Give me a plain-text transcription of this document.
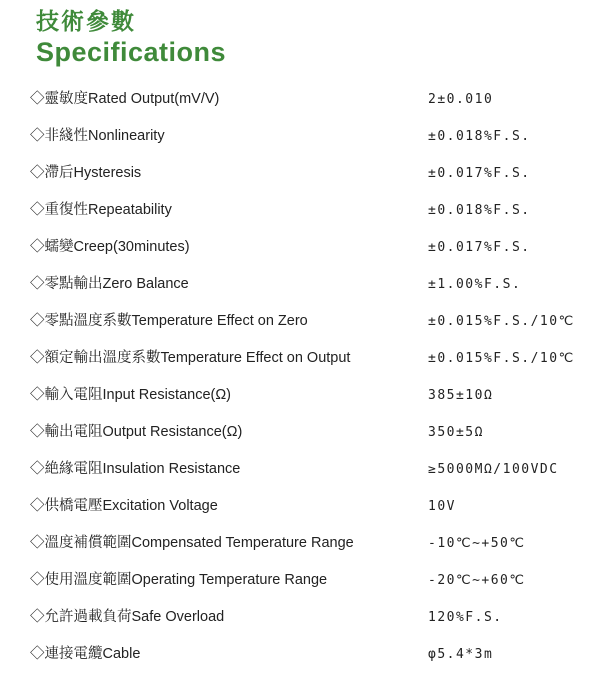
技術參數
Specifications
◇靈敏度Rated Output(mV/V)	2±0.010
◇非綫性Nonlinearity	±0.018%F.S.
◇滯后Hysteresis	±0.017%F.S.
◇重復性Repeatability	±0.018%F.S.
◇蠕變Creep(30minutes)	±0.017%F.S.
◇零點輸出Zero Balance	±1.00%F.S.
◇零點溫度系數Temperature Effect on Zero	±0.015%F.S./10℃
◇額定輸出溫度系數Temperature Effect on Output	±0.015%F.S./10℃
◇輸入電阻Input Resistance(Ω)	385±10Ω
◇輸出電阻Output Resistance(Ω)	350±5Ω
◇絶緣電阻Insulation Resistance	≥5000MΩ/100VDC
◇供橋電壓Excitation Voltage	10V
◇溫度補償範圍Compensated Temperature Range	-10℃~+50℃
◇使用溫度範圍Operating Temperature Range	-20℃~+60℃
◇允許過載負荷Safe Overload	120%F.S.
◇連接電纜Cable	φ5.4*3m
